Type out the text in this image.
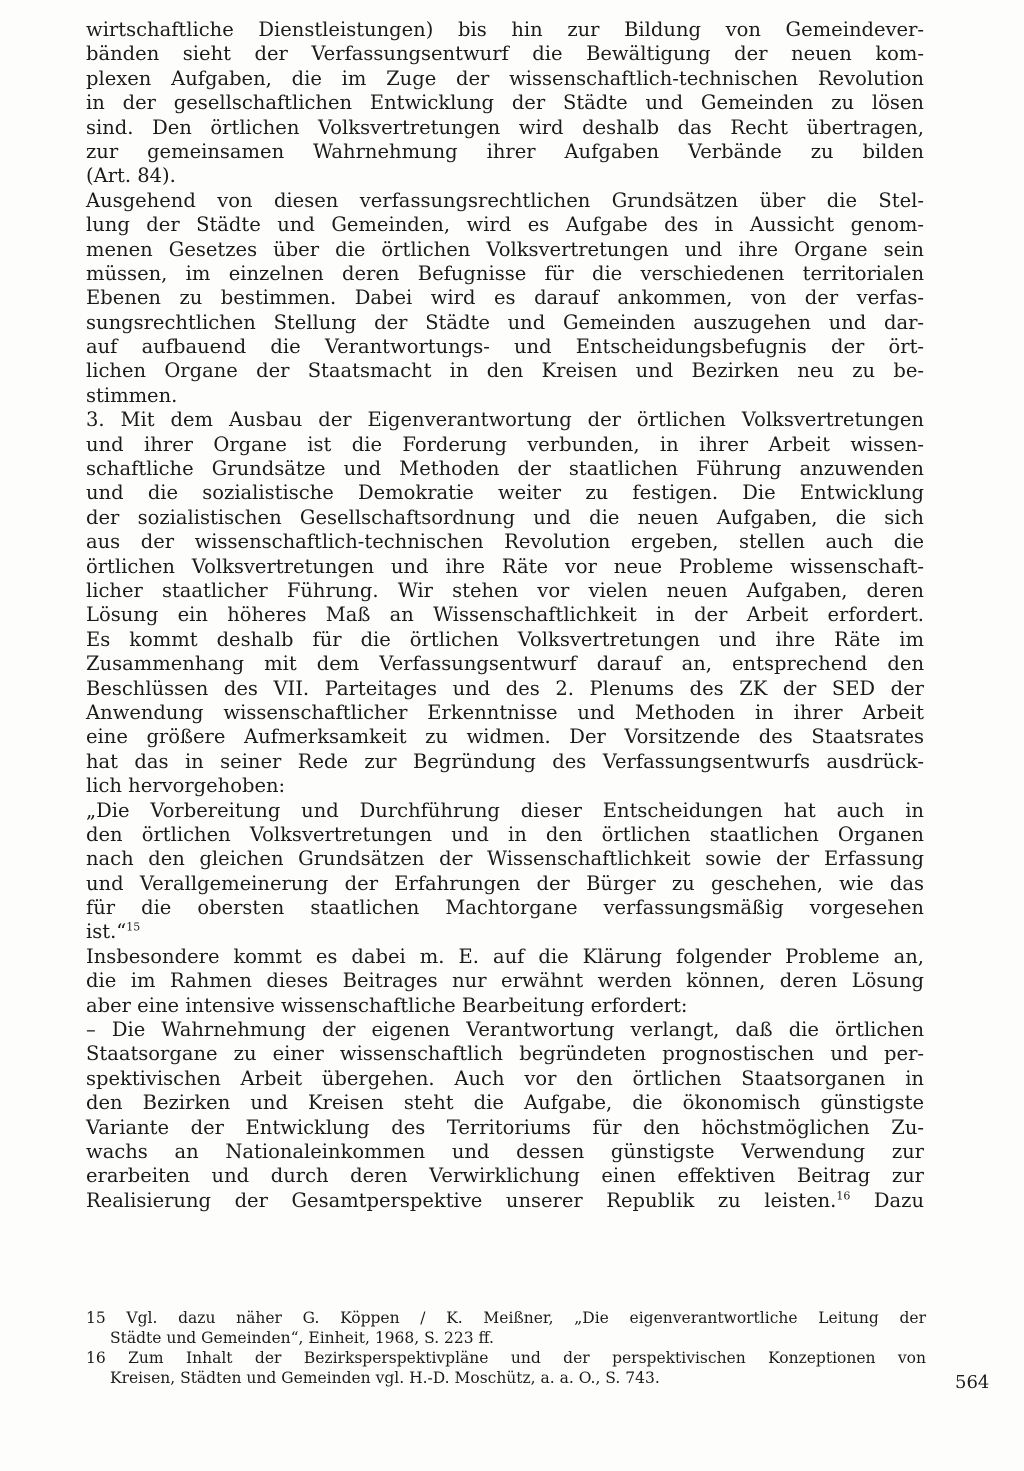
wirtschaftliche Dienstleistungen) bis hin zur Bildung von Gemeindever-
bänden sieht der Verfassungsentwurf die Bewältigung der neuen kom-
plexen Aufgaben, die im Zuge der wissenschaftlich-technischen Revolution
in der gesellschaftlichen Entwicklung der Städte und Gemeinden zu lösen
sind. Den örtlichen Volksvertretungen wird deshalb das Recht übertragen,
zur gemeinsamen Wahrnehmung ihrer Aufgaben Verbände zu bilden
(Art. 84).
Ausgehend von diesen verfassungsrechtlichen Grundsätzen über die Stel-
lung der Städte und Gemeinden, wird es Aufgabe des in Aussicht genom-
menen Gesetzes über die örtlichen Volksvertretungen und ihre Organe sein
müssen, im einzelnen deren Befugnisse für die verschiedenen territorialen
Ebenen zu bestimmen. Dabei wird es darauf ankommen, von der verfas-
sungsrechtlichen Stellung der Städte und Gemeinden auszugehen und dar-
auf aufbauend die Verantwortungs- und Entscheidungsbefugnis der ört-
lichen Organe der Staatsmacht in den Kreisen und Bezirken neu zu be-
stimmen.
3. Mit dem Ausbau der Eigenverantwortung der örtlichen Volksvertretungen
und ihrer Organe ist die Forderung verbunden, in ihrer Arbeit wissen-
schaftliche Grundsätze und Methoden der staatlichen Führung anzuwenden
und die sozialistische Demokratie weiter zu festigen. Die Entwicklung
der sozialistischen Gesellschaftsordnung und die neuen Aufgaben, die sich
aus der wissenschaftlich-technischen Revolution ergeben, stellen auch die
örtlichen Volksvertretungen und ihre Räte vor neue Probleme wissenschaft-
licher staatlicher Führung. Wir stehen vor vielen neuen Aufgaben, deren
Lösung ein höheres Maß an Wissenschaftlichkeit in der Arbeit erfordert.
Es kommt deshalb für die örtlichen Volksvertretungen und ihre Räte im
Zusammenhang mit dem Verfassungsentwurf darauf an, entsprechend den
Beschlüssen des VII. Parteitages und des 2. Plenums des ZK der SED der
Anwendung wissenschaftlicher Erkenntnisse und Methoden in ihrer Arbeit
eine größere Aufmerksamkeit zu widmen. Der Vorsitzende des Staatsrates
hat das in seiner Rede zur Begründung des Verfassungsentwurfs ausdrück-
lich hervorgehoben:
„Die Vorbereitung und Durchführung dieser Entscheidungen hat auch in
den örtlichen Volksvertretungen und in den örtlichen staatlichen Organen
nach den gleichen Grundsätzen der Wissenschaftlichkeit sowie der Erfassung
und Verallgemeinerung der Erfahrungen der Bürger zu geschehen, wie das
für die obersten staatlichen Machtorgane verfassungsmäßig vorgesehen
ist.“$^{15}$
Insbesondere kommt es dabei m. E. auf die Klärung folgender Probleme an,
die im Rahmen dieses Beitrages nur erwähnt werden können, deren Lösung
aber eine intensive wissenschaftliche Bearbeitung erfordert:
– Die Wahrnehmung der eigenen Verantwortung verlangt, daß die örtlichen
Staatsorgane zu einer wissenschaftlich begründeten prognostischen und per-
spektivischen Arbeit übergehen. Auch vor den örtlichen Staatsorganen in
den Bezirken und Kreisen steht die Aufgabe, die ökonomisch günstigste
Variante der Entwicklung des Territoriums für den höchstmöglichen Zu-
wachs an Nationaleinkommen und dessen günstigste Verwendung zur
erarbeiten und durch deren Verwirklichung einen effektiven Beitrag zur
Realisierung der Gesamtperspektive unserer Republik zu leisten.$^{16}$ Dazu
15 Vgl. dazu näher G. Köppen / K. Meißner, „Die eigenverantwortliche Leitung der
Städte und Gemeinden“, Einheit, 1968, S. 223 ff.
16 Zum Inhalt der Bezirksperspektivpläne und der perspektivischen Konzeptionen von
Kreisen, Städten und Gemeinden vgl. H.-D. Moschütz, a. a. O., S. 743.	564
